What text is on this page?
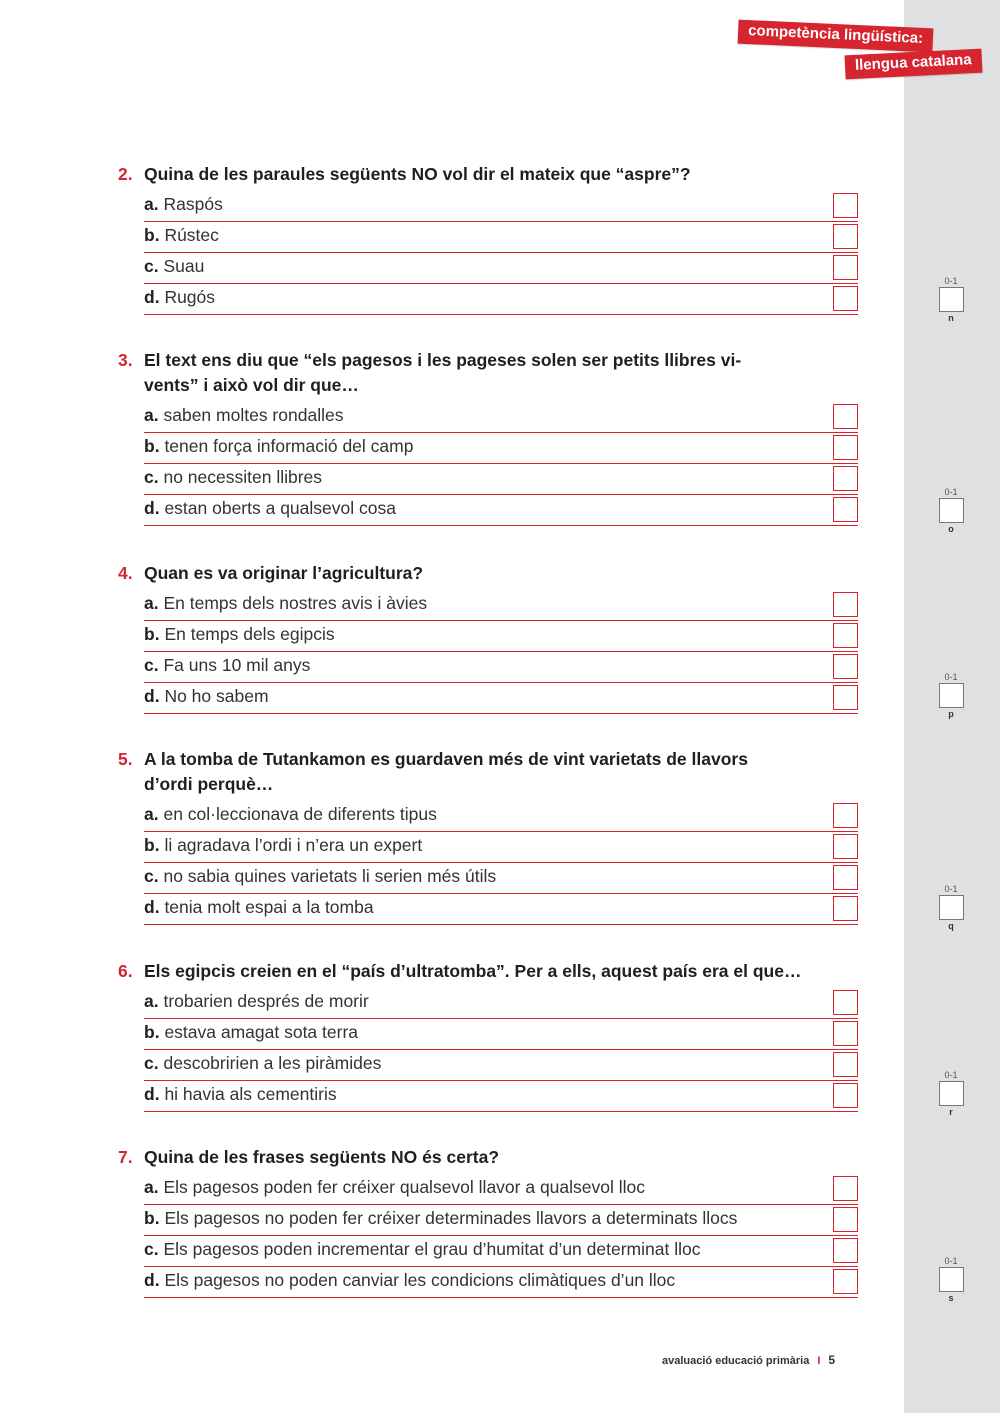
competència lingüística:
llengua catalana
2. Quina de les paraules següents NO vol dir el mateix que “aspre”?
a. Raspós
b. Rústec
c. Suau
d. Rugós
3. El text ens diu que “els pagesos i les pageses solen ser petits llibres vi-
vents” i això vol dir que…
a. saben moltes rondalles
b. tenen força informació del camp
c. no necessiten llibres
d. estan oberts a qualsevol cosa
4. Quan es va originar l’agricultura?
a. En temps dels nostres avis i àvies
b. En temps dels egipcis
c. Fa uns 10 mil anys
d. No ho sabem
5. A la tomba de Tutankamon es guardaven més de vint varietats de llavors
d’ordi perquè…
a. en col·leccionava de diferents tipus
b. li agradava l’ordi i n’era un expert
c. no sabia quines varietats li serien més útils
d. tenia molt espai a la tomba
6. Els egipcis creien en el “país d’ultratomba”. Per a ells, aquest país era el que…
a. trobarien després de morir
b. estava amagat sota terra
c. descobririen a les piràmides
d. hi havia als cementiris
7. Quina de les frases següents NO és certa?
a. Els pagesos poden fer créixer qualsevol llavor a qualsevol lloc
b. Els pagesos no poden fer créixer determinades llavors a determinats llocs
c. Els pagesos poden incrementar el grau d’humitat d’un determinat lloc
d. Els pagesos no poden canviar les condicions climàtiques d’un lloc
0-1
n
0-1
o
0-1
p
0-1
q
0-1
r
0-1
s
avaluació educació primària I 5
